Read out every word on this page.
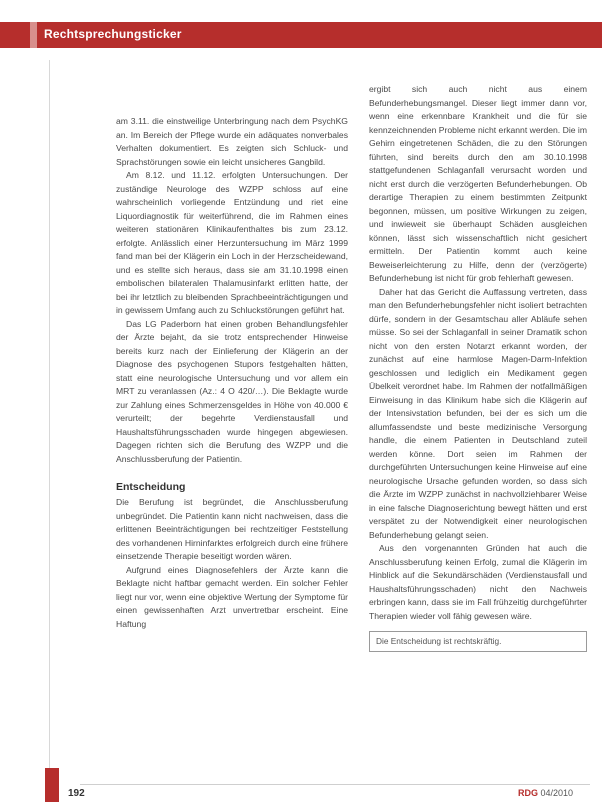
Rechtsprechungsticker

am 3.11. die einstweilige Unterbringung nach dem PsychKG an. Im Bereich der Pflege wurde ein adäquates nonverbales Verhalten dokumentiert. Es zeigten sich Schluck- und Sprachstörungen sowie ein leicht unsicheres Gangbild.

Am 8.12. und 11.12. erfolgten Untersuchungen. Der zuständige Neurologe des WZPP schloss auf eine wahrscheinlich vorliegende Entzündung und riet eine Liquordiagnostik für weiterführend, die im Rahmen eines weiteren stationären Klinikaufenthaltes bis zum 23.12. erfolgte. Anlässlich einer Herzuntersuchung im März 1999 fand man bei der Klägerin ein Loch in der Herzscheidewand, und es stellte sich heraus, dass sie am 31.10.1998 einen embolischen bilateralen Thalamusinfarkt erlitten hatte, der bei ihr letztlich zu bleibenden Sprachbeeinträchtigungen und in gewissem Umfang auch zu Schluckstörungen geführt hat.

Das LG Paderborn hat einen groben Behandlungsfehler der Ärzte bejaht, da sie trotz entsprechender Hinweise bereits kurz nach der Einlieferung der Klägerin an der Diagnose des psychogenen Stupors festgehalten hätten, statt eine neurologische Untersuchung und vor allem ein MRT zu veranlassen (Az.: 4 O 420/…). Die Beklagte wurde zur Zahlung eines Schmerzensgeldes in Höhe von 40.000 € verurteilt; der begehrte Verdienstausfall und Haushaltsführungsschaden wurde hingegen abgewiesen. Dagegen richten sich die Berufung des WZPP und die Anschlussberufung der Patientin.

Entscheidung

Die Berufung ist begründet, die Anschlussberufung unbegründet. Die Patientin kann nicht nachweisen, dass die erlittenen Beeinträchtigungen bei rechtzeitiger Feststellung des vorhandenen Hirninfarktes erfolgreich durch eine frühere einsetzende Therapie beseitigt worden wären.

Aufgrund eines Diagnosefehlers der Ärzte kann die Beklagte nicht haftbar gemacht werden. Ein solcher Fehler liegt nur vor, wenn eine objektive Wertung der Symptome für einen gewissenhaften Arzt unvertretbar erscheint. Eine Haftung

ergibt sich auch nicht aus einem Befunderhebungsmangel. Dieser liegt immer dann vor, wenn eine erkennbare Krankheit und die für sie kennzeichnenden Probleme nicht erkannt werden. Die im Gehirn eingetretenen Schäden, die zu den Störungen führten, sind bereits durch den am 30.10.1998 stattgefundenen Schlaganfall verursacht worden und nicht erst durch die verzögerten Befunderhebungen. Ob derartige Therapien zu einem bestimmten Zeitpunkt begonnen, müssen, um positive Wirkungen zu zeigen, und inwieweit sie überhaupt Schäden ausgleichen können, lässt sich wissenschaftlich nicht gesichert ermitteln. Der Patientin kommt auch keine Beweiserleichterung zu Hilfe, denn der (verzögerte) Befunderhebung ist nicht für grob fehlerhaft gewesen.

Daher hat das Gericht die Auffassung vertreten, dass man den Befunderhebungsfehler nicht isoliert betrachten dürfe, sondern in der Gesamtschau aller Abläufe sehen müsse. So sei der Schlaganfall in seiner Dramatik schon nicht von den ersten Notarzt erkannt worden, der zunächst auf eine harmlose Magen-Darm-Infektion geschlossen und lediglich ein Medikament gegen Übelkeit verordnet habe. Im Rahmen der notfallmäßigen Einweisung in das Klinikum habe sich die Klägerin auf der Intensivstation befunden, bei der es sich um die allumfassendste und beste medizinische Versorgung handle, die einem Patienten in Deutschland zuteil werden könne. Dort seien im Rahmen der durchgeführten Untersuchungen keine Hinweise auf eine neurologische Ursache gefunden worden, so dass sich die Ärzte im WZPP zunächst in nachvollziehbarer Weise in eine falsche Diagnoserichtung bewegt hätten und erst verspätet zu der Notwendigkeit einer neurologischen Befunderhebung gelangt seien.

Aus den vorgenannten Gründen hat auch die Anschlussberufung keinen Erfolg, zumal die Klägerin im Hinblick auf die Sekundärschäden (Verdienstausfall und Haushaltsführungsschaden) nicht den Nachweis erbringen kann, dass sie im Fall frühzeitig durchgeführter Therapien wieder voll fähig gewesen wäre.

Die Entscheidung ist rechtskräftig.
192	RDG 04/2010
